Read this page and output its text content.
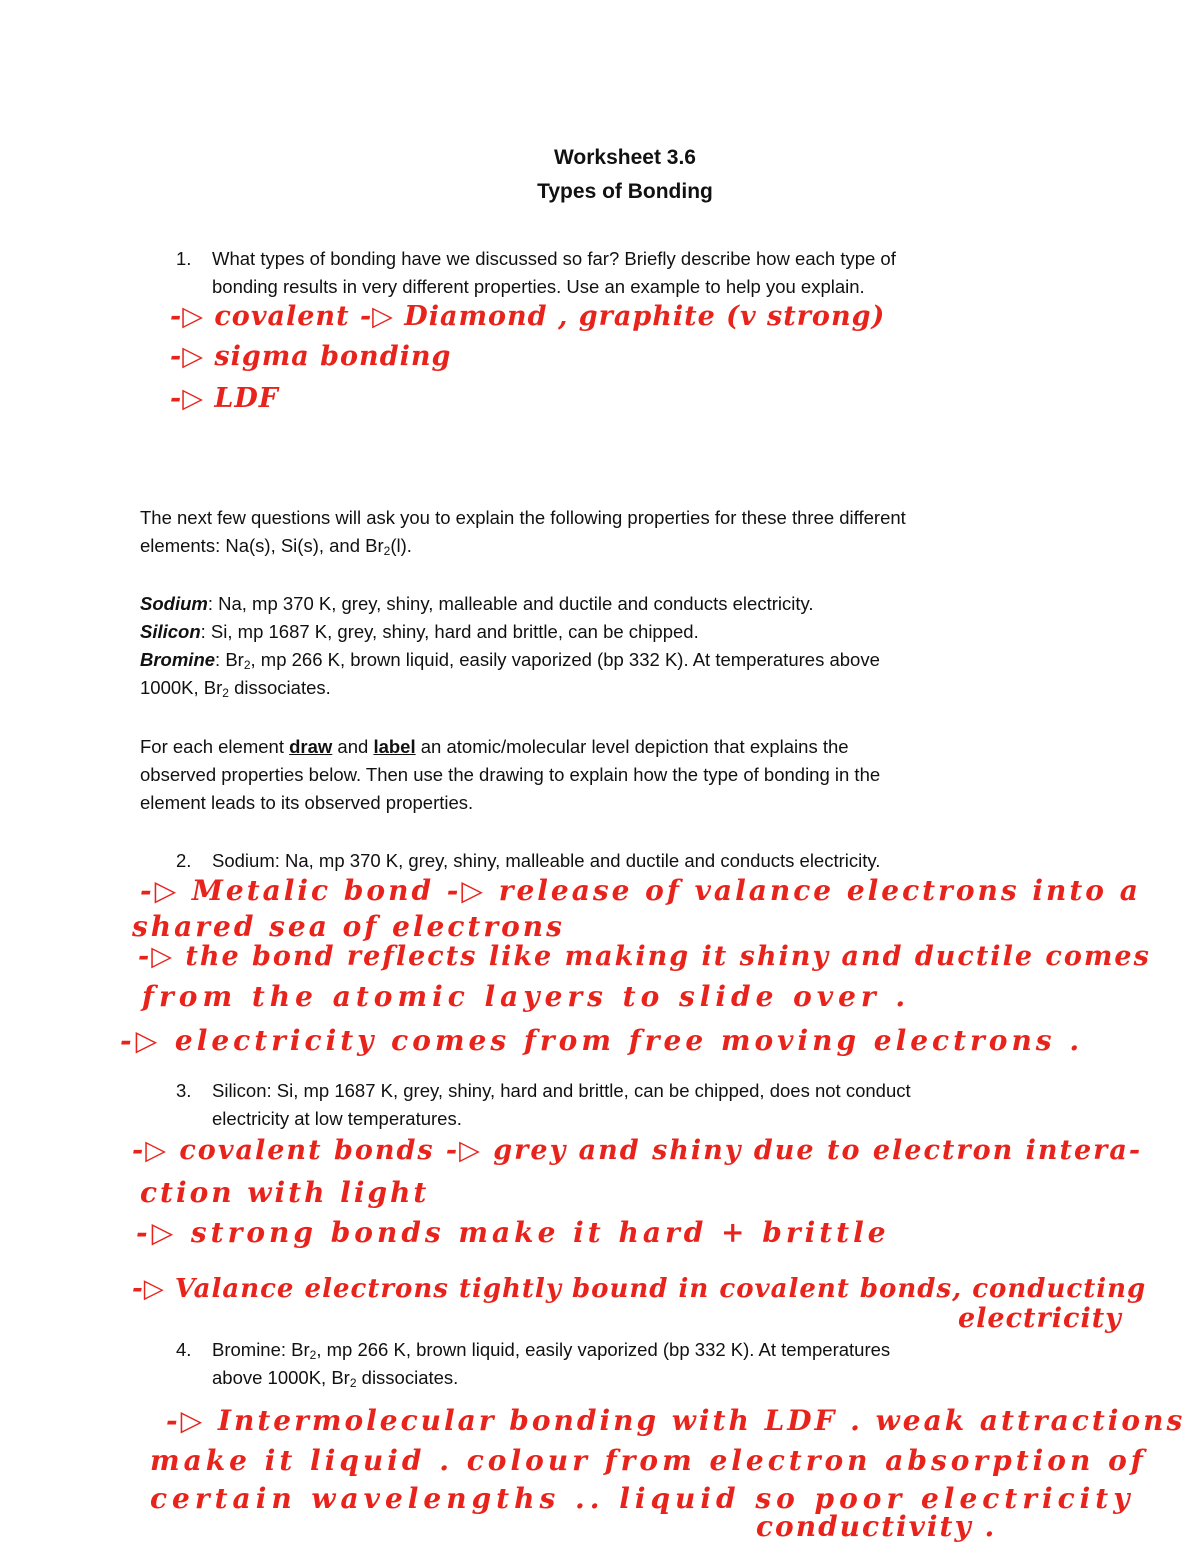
Worksheet 3.6
Types of Bonding
1. What types of bonding have we discussed so far? Briefly describe how each type of
bonding results in very different properties. Use an example to help you explain.
-▷ covalent -▷ Diamond , graphite (v strong)
-▷ sigma bonding
-▷ LDF
The next few questions will ask you to explain the following properties for these three different
elements: Na(s), Si(s), and $Br_2(l)$.
Sodium: Na, mp 370 K, grey, shiny, malleable and ductile and conducts electricity.
Silicon: Si, mp 1687 K, grey, shiny, hard and brittle, can be chipped.
Bromine: $Br_2$, mp 266 K, brown liquid, easily vaporized (bp 332 K). At temperatures above
1000K, $Br_2$ dissociates.
For each element draw and label an atomic/molecular level depiction that explains the
observed properties below. Then use the drawing to explain how the type of bonding in the
element leads to its observed properties.
2. Sodium: Na, mp 370 K, grey, shiny, malleable and ductile and conducts electricity.
-▷ Metalic bond -▷ release of valance electrons into a
shared sea of electrons
-▷ the bond reflects like making it shiny and ductile comes
from the atomic layers to slide over .
-▷ electricity comes from free moving electrons .
3. Silicon: Si, mp 1687 K, grey, shiny, hard and brittle, can be chipped, does not conduct
electricity at low temperatures.
-▷ covalent bonds -▷ grey and shiny due to electron intera-
ction with light
-▷ strong bonds make it hard + brittle
-▷ Valance electrons tightly bound in covalent bonds, conducting
electricity
4. Bromine: $Br_2$, mp 266 K, brown liquid, easily vaporized (bp 332 K). At temperatures
above 1000K, $Br_2$ dissociates.
-▷ Intermolecular bonding with LDF . weak attractions
make it liquid . colour from electron absorption of
certain wavelengths .. liquid so poor electricity
conductivity .
